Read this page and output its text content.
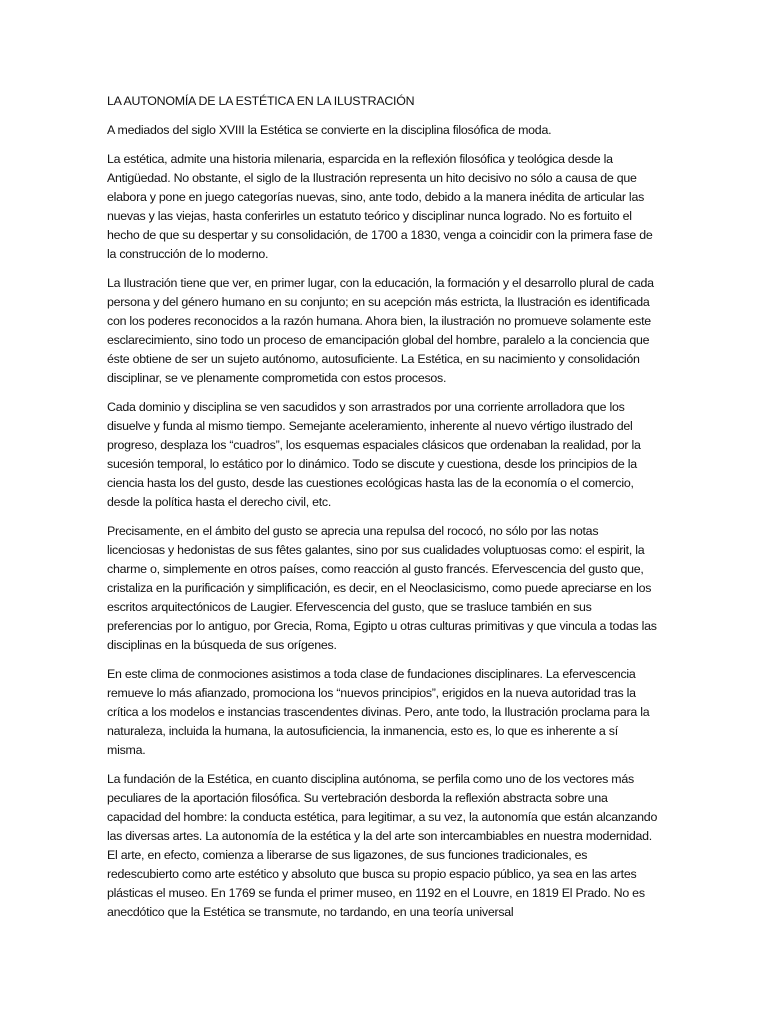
LA AUTONOMÍA DE LA ESTÉTICA EN LA ILUSTRACIÓN

A mediados del siglo XVIII la Estética se convierte en la disciplina filosófica de moda.

La estética, admite una historia milenaria, esparcida en la reflexión filosófica y teológica desde la Antigüedad. No obstante, el siglo de la Ilustración representa un hito decisivo no sólo a causa de que elabora y pone en juego categorías nuevas, sino, ante todo, debido a la manera inédita de articular las nuevas y las viejas, hasta conferirles un estatuto teórico y disciplinar nunca logrado. No es fortuito el hecho de que su despertar y su consolidación, de 1700 a 1830, venga a coincidir con la primera fase de la construcción de lo moderno.

La Ilustración tiene que ver, en primer lugar, con la educación, la formación y el desarrollo plural de cada persona y del género humano en su conjunto; en su acepción más estricta, la Ilustración es identificada con los poderes reconocidos a la razón humana. Ahora bien, la ilustración no promueve solamente este esclarecimiento, sino todo un proceso de emancipación global del hombre, paralelo a la conciencia que éste obtiene de ser un sujeto autónomo, autosuficiente. La Estética, en su nacimiento y consolidación disciplinar, se ve plenamente comprometida con estos procesos.

Cada dominio y disciplina se ven sacudidos y son arrastrados por una corriente arrolladora que los disuelve y funda al mismo tiempo. Semejante aceleramiento, inherente al nuevo vértigo ilustrado del progreso, desplaza los “cuadros”, los esquemas espaciales clásicos que ordenaban la realidad, por la sucesión temporal, lo estático por lo dinámico. Todo se discute y cuestiona, desde los principios de la ciencia hasta los del gusto, desde las cuestiones ecológicas hasta las de la economía o el comercio, desde la política hasta el derecho civil, etc.

Precisamente, en el ámbito del gusto se aprecia una repulsa del rococó, no sólo por las notas licenciosas y hedonistas de sus fêtes galantes, sino por sus cualidades voluptuosas como: el espirit, la charme o, simplemente en otros países, como reacción al gusto francés. Efervescencia del gusto que, cristaliza en la purificación y simplificación, es decir, en el Neoclasicismo, como puede apreciarse en los escritos arquitectónicos de Laugier. Efervescencia del gusto, que se trasluce también en sus preferencias por lo antiguo, por Grecia, Roma, Egipto u otras culturas primitivas y que vincula a todas las disciplinas en la búsqueda de sus orígenes.

En este clima de conmociones asistimos a toda clase de fundaciones disciplinares. La efervescencia remueve lo más afianzado, promociona los “nuevos principios”, erigidos en la nueva autoridad tras la crítica a los modelos e instancias trascendentes divinas. Pero, ante todo, la Ilustración proclama para la naturaleza, incluida la humana, la autosuficiencia, la inmanencia, esto es, lo que es inherente a sí misma.

La fundación de la Estética, en cuanto disciplina autónoma, se perfila como uno de los vectores más peculiares de la aportación filosófica. Su vertebración desborda la reflexión abstracta sobre una capacidad del hombre: la conducta estética, para legitimar, a su vez, la autonomía que están alcanzando las diversas artes. La autonomía de la estética y la del arte son intercambiables en nuestra modernidad. El arte, en efecto, comienza a liberarse de sus ligazones, de sus funciones tradicionales, es redescubierto como arte estético y absoluto que busca su propio espacio público, ya sea en las artes plásticas el museo. En 1769 se funda el primer museo, en 1192 en el Louvre, en 1819 El Prado. No es anecdótico que la Estética se transmute, no tardando, en una teoría universal
